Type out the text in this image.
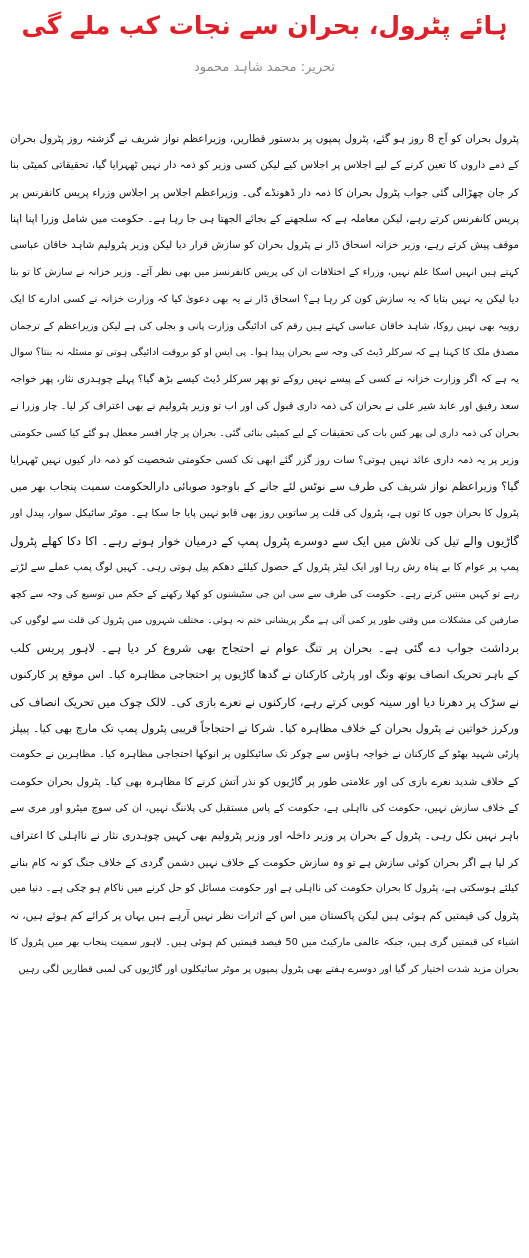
ہائے پٹرول، بحران سے نجات کب ملے گی
تحریر: محمد شاہد محمود
پٹرول بحران کو آج 8 روز ہو گئے، پٹرول پمپوں پر بدستور قطاریں، وزیراعظم نواز شریف نے گزشتہ روز پٹرول بحران
کے ذمے داروں کا تعین کرنے کے لیے اجلاس پر اجلاس کیے لیکن کسی وزیر کو ذمہ دار نہیں ٹھہرایا گیا، تحقیقاتی کمیٹی بنا
کر جان چھڑالی گئی جواب پٹرول بحران کا ذمہ دار ڈھونڈے گی۔ وزیراعظم اجلاس پر اجلاس وزراء پریس کانفرنس پر
پریس کانفرنس کرتے رہے، لیکن معاملہ ہے کہ سلجھنے کے بجائے الجھتا ہی جا رہا ہے۔ حکومت میں شامل وزرا اپنا اپنا
موقف پیش کرتے رہے، وزیر خزانہ اسحاق ڈار نے پٹرول بحران کو سازش قرار دیا لیکن وزیر پٹرولیم شاہد خاقان عباسی
کہتے ہیں انہیں اسکا علم نہیں، وزراء کے اختلافات ان کی پریس کانفرنسز میں بھی نظر آئے۔ وزیر خزانہ نے سازش کا تو بتا
دیا لیکن یہ نہیں بتایا کہ یہ سازش کون کر رہا ہے؟ اسحاق ڈار نے یہ بھی دعویٰ کیا کہ وزارت خزانہ نے کسی ادارے کا ایک
روپیہ بھی نہیں روکا، شاہد خاقان عباسی کہتے ہیں رقم کی ادائیگی وزارت پانی و بجلی کی ہے لیکن وزیراعظم کے ترجمان
مصدق ملک کا کہنا ہے کہ سرکلر ڈیٹ کی وجہ سے بحران پیدا ہوا۔ پی ایس او کو بروقت ادائیگی ہوتی تو مسئلہ نہ بنتا؟ سوال
یہ ہے کہ اگر وزارت خزانہ نے کسی کے پیسے نہیں روکے تو پھر سرکلر ڈیٹ کیسے بڑھ گیا؟ پہلے چوہدری نثار، پھر خواجہ
سعد رفیق اور عابد شیر علی نے بحران کی ذمہ داری قبول کی اور اب تو وزیر پٹرولیم نے بھی اعتراف کر لیا۔ چار وزرا نے
بحران کی ذمہ داری لی پھر کس بات کی تحقیقات کے لیے کمیٹی بنائی گئی۔ بحران پر چار افسر معطل ہو گئے کیا کسی حکومتی
وزیر پر یہ ذمہ داری عائد نہیں ہوتی؟ سات روز گزر گئے ابھی تک کسی حکومتی شخصیت کو ذمہ دار کیوں نہیں ٹھہرایا
گیا؟ وزیراعظم نواز شریف کی طرف سے نوٹس لئے جانے کے باوجود صوبائی دارالحکومت سمیت پنجاب بھر میں
پٹرول کا بحران جوں کا توں ہے، پٹرول کی قلت پر ساتویں روز بھی قابو نہیں پایا جا سکا ہے۔ موٹر سائیکل سوار، پیدل اور
گاڑیوں والے تیل کی تلاش میں ایک سے دوسرے پٹرول پمپ کے درمیان خوار ہوتے رہے۔ اکا دکا کھلے پٹرول
پمپ پر عوام کا بے پناہ رش رہا اور ایک لیٹر پٹرول کے حصول کیلئے دھکم پیل ہوتی رہی۔ کہیں لوگ پمپ عملے سے لڑتے
رہے تو کہیں منتیں کرتے رہے۔ حکومت کی طرف سے سی این جی سٹیشنوں کو کھلا رکھنے کے حکم میں توسیع کی وجہ سے کچھ
صارفین کی مشکلات میں وقتی طور پر کمی آئی ہے مگر پریشانی ختم نہ ہوئی۔ مختلف شہروں میں پٹرول کی قلت سے لوگوں کی
برداشت جواب دے گئی ہے۔ بحران پر تنگ عوام نے احتجاج بھی شروع کر دیا ہے۔ لاہور پریس کلب
کے باہر تحریک انصاف یوتھ ونگ اور پارٹی کارکنان نے گدھا گاڑیوں پر احتجاجی مظاہرہ کیا۔ اس موقع پر کارکنوں
نے سڑک پر دھرنا دیا اور سینہ کوبی کرتے رہے، کارکنوں نے نعرے بازی کی۔ لالک چوک میں تحریک انصاف کی
ورکرز خواتین نے پٹرول بحران کے خلاف مظاہرہ کیا۔ شرکا نے احتجاجاً قریبی پٹرول پمپ تک مارچ بھی کیا۔ پیپلز
پارٹی شہید بھٹو کے کارکنان نے خواجہ ہاؤس سے چوکر تک سائیکلوں پر انوکھا احتجاجی مظاہرہ کیا۔ مظاہرین نے حکومت
کے خلاف شدید نعرے بازی کی اور علامتی طور پر گاڑیوں کو نذر آتش کرنے کا مظاہرہ بھی کیا۔ پٹرول بحران حکومت
کے خلاف سازش نہیں، حکومت کی نااہلی ہے، حکومت کے پاس مستقبل کی پلاننگ نہیں، ان کی سوچ میٹرو اور مری سے
باہر نہیں نکل رہی۔ پٹرول کے بحران پر وزیر داخلہ اور وزیر پٹرولیم بھی کہیں چوہدری نثار نے نااہلی کا اعتراف
کر لیا ہے اگر بحران کوئی سازش ہے تو وہ سازش حکومت کے خلاف نہیں دشمن گردی کے خلاف جنگ کو نہ کام بنانے
کیلئے ہوسکتی ہے، پٹرول کا بحران حکومت کی نااہلی ہے اور حکومت مسائل کو حل کرنے میں ناکام ہو چکی ہے۔ دنیا میں
پٹرول کی قیمتیں کم ہوئی ہیں لیکن پاکستان میں اس کے اثرات نظر نہیں آرہے ہیں یہاں پر کرائے کم ہوئے ہیں، نہ
اشیاء کی قیمتیں گری ہیں، جبکہ عالمی مارکیٹ میں 50 فیصد قیمتیں کم ہوئی ہیں۔ لاہور سمیت پنجاب بھر میں پٹرول کا
بحران مزید شدت اختیار کر گیا اور دوسرے ہفتے بھی پٹرول پمپوں پر موٹر سائیکلوں اور گاڑیوں کی لمبی قطاریں لگی رہیں
